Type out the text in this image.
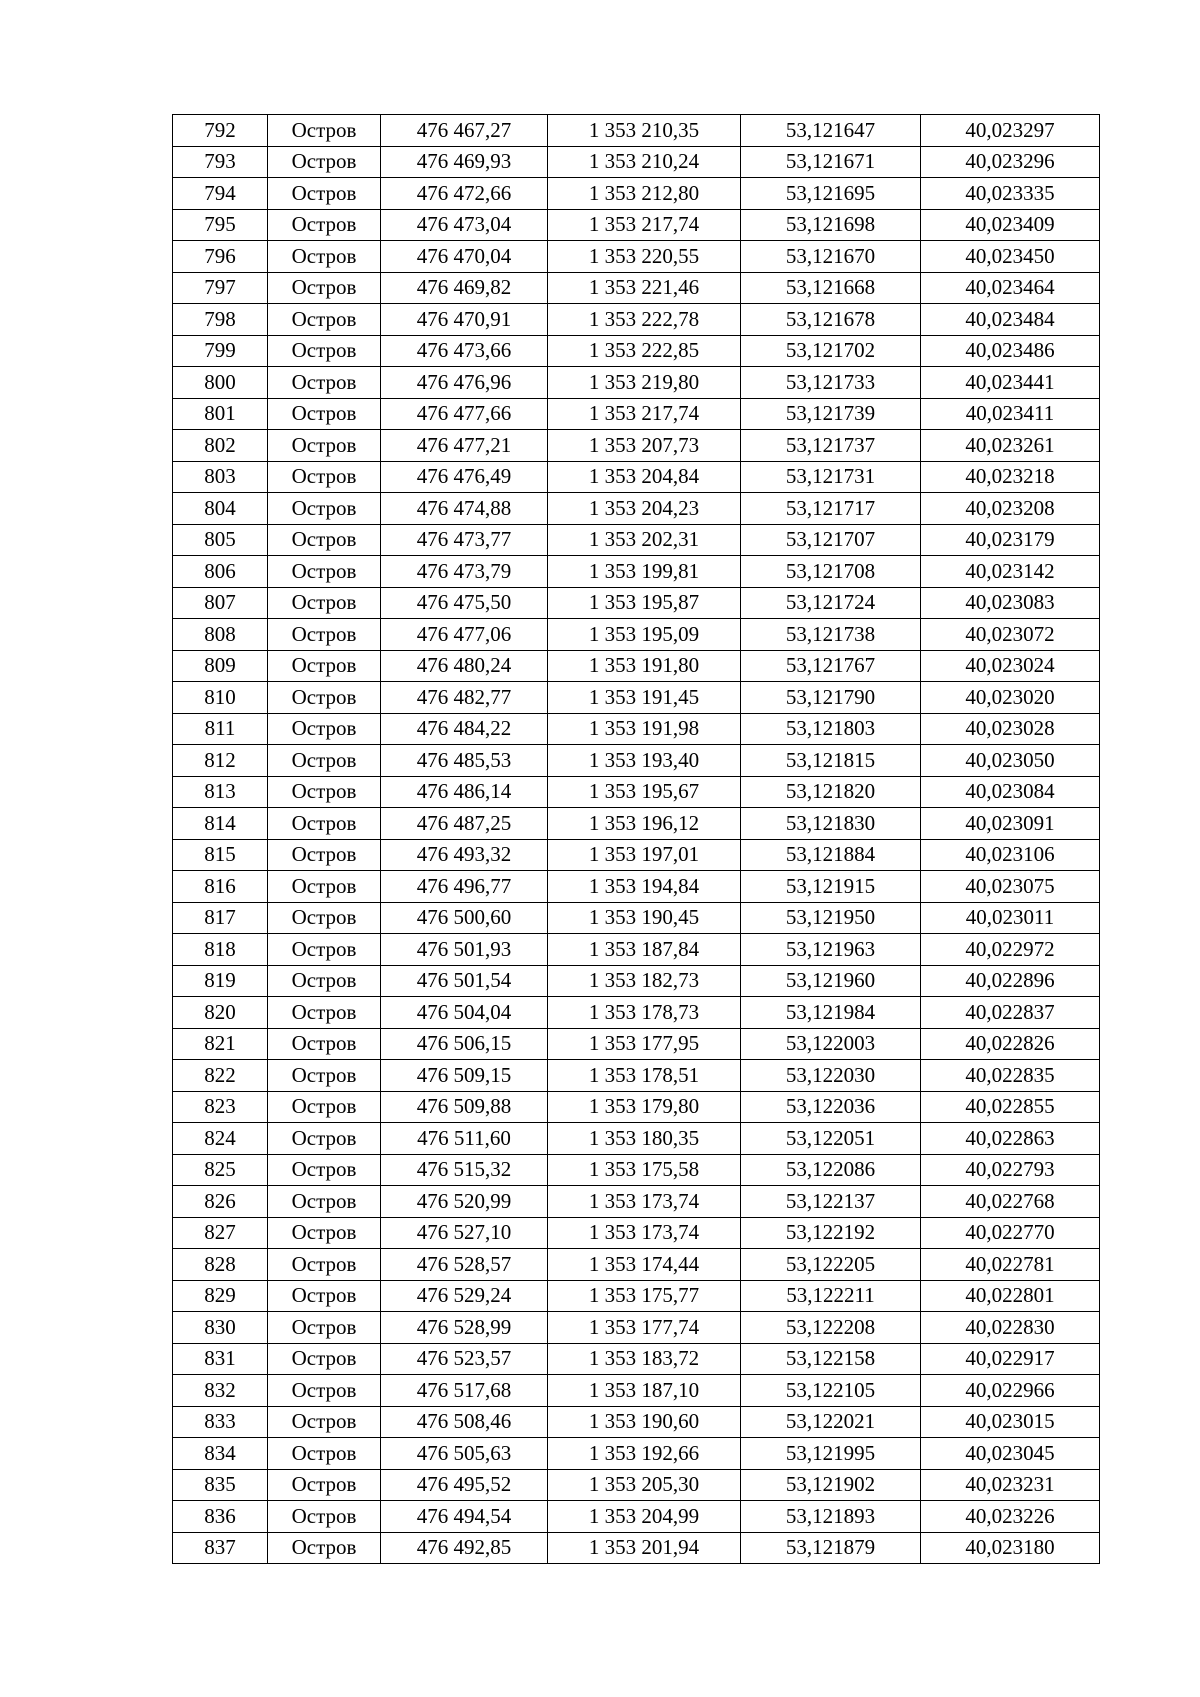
792	Остров	476 467,27	1 353 210,35	53,121647	40,023297
793	Остров	476 469,93	1 353 210,24	53,121671	40,023296
794	Остров	476 472,66	1 353 212,80	53,121695	40,023335
795	Остров	476 473,04	1 353 217,74	53,121698	40,023409
796	Остров	476 470,04	1 353 220,55	53,121670	40,023450
797	Остров	476 469,82	1 353 221,46	53,121668	40,023464
798	Остров	476 470,91	1 353 222,78	53,121678	40,023484
799	Остров	476 473,66	1 353 222,85	53,121702	40,023486
800	Остров	476 476,96	1 353 219,80	53,121733	40,023441
801	Остров	476 477,66	1 353 217,74	53,121739	40,023411
802	Остров	476 477,21	1 353 207,73	53,121737	40,023261
803	Остров	476 476,49	1 353 204,84	53,121731	40,023218
804	Остров	476 474,88	1 353 204,23	53,121717	40,023208
805	Остров	476 473,77	1 353 202,31	53,121707	40,023179
806	Остров	476 473,79	1 353 199,81	53,121708	40,023142
807	Остров	476 475,50	1 353 195,87	53,121724	40,023083
808	Остров	476 477,06	1 353 195,09	53,121738	40,023072
809	Остров	476 480,24	1 353 191,80	53,121767	40,023024
810	Остров	476 482,77	1 353 191,45	53,121790	40,023020
811	Остров	476 484,22	1 353 191,98	53,121803	40,023028
812	Остров	476 485,53	1 353 193,40	53,121815	40,023050
813	Остров	476 486,14	1 353 195,67	53,121820	40,023084
814	Остров	476 487,25	1 353 196,12	53,121830	40,023091
815	Остров	476 493,32	1 353 197,01	53,121884	40,023106
816	Остров	476 496,77	1 353 194,84	53,121915	40,023075
817	Остров	476 500,60	1 353 190,45	53,121950	40,023011
818	Остров	476 501,93	1 353 187,84	53,121963	40,022972
819	Остров	476 501,54	1 353 182,73	53,121960	40,022896
820	Остров	476 504,04	1 353 178,73	53,121984	40,022837
821	Остров	476 506,15	1 353 177,95	53,122003	40,022826
822	Остров	476 509,15	1 353 178,51	53,122030	40,022835
823	Остров	476 509,88	1 353 179,80	53,122036	40,022855
824	Остров	476 511,60	1 353 180,35	53,122051	40,022863
825	Остров	476 515,32	1 353 175,58	53,122086	40,022793
826	Остров	476 520,99	1 353 173,74	53,122137	40,022768
827	Остров	476 527,10	1 353 173,74	53,122192	40,022770
828	Остров	476 528,57	1 353 174,44	53,122205	40,022781
829	Остров	476 529,24	1 353 175,77	53,122211	40,022801
830	Остров	476 528,99	1 353 177,74	53,122208	40,022830
831	Остров	476 523,57	1 353 183,72	53,122158	40,022917
832	Остров	476 517,68	1 353 187,10	53,122105	40,022966
833	Остров	476 508,46	1 353 190,60	53,122021	40,023015
834	Остров	476 505,63	1 353 192,66	53,121995	40,023045
835	Остров	476 495,52	1 353 205,30	53,121902	40,023231
836	Остров	476 494,54	1 353 204,99	53,121893	40,023226
837	Остров	476 492,85	1 353 201,94	53,121879	40,023180
